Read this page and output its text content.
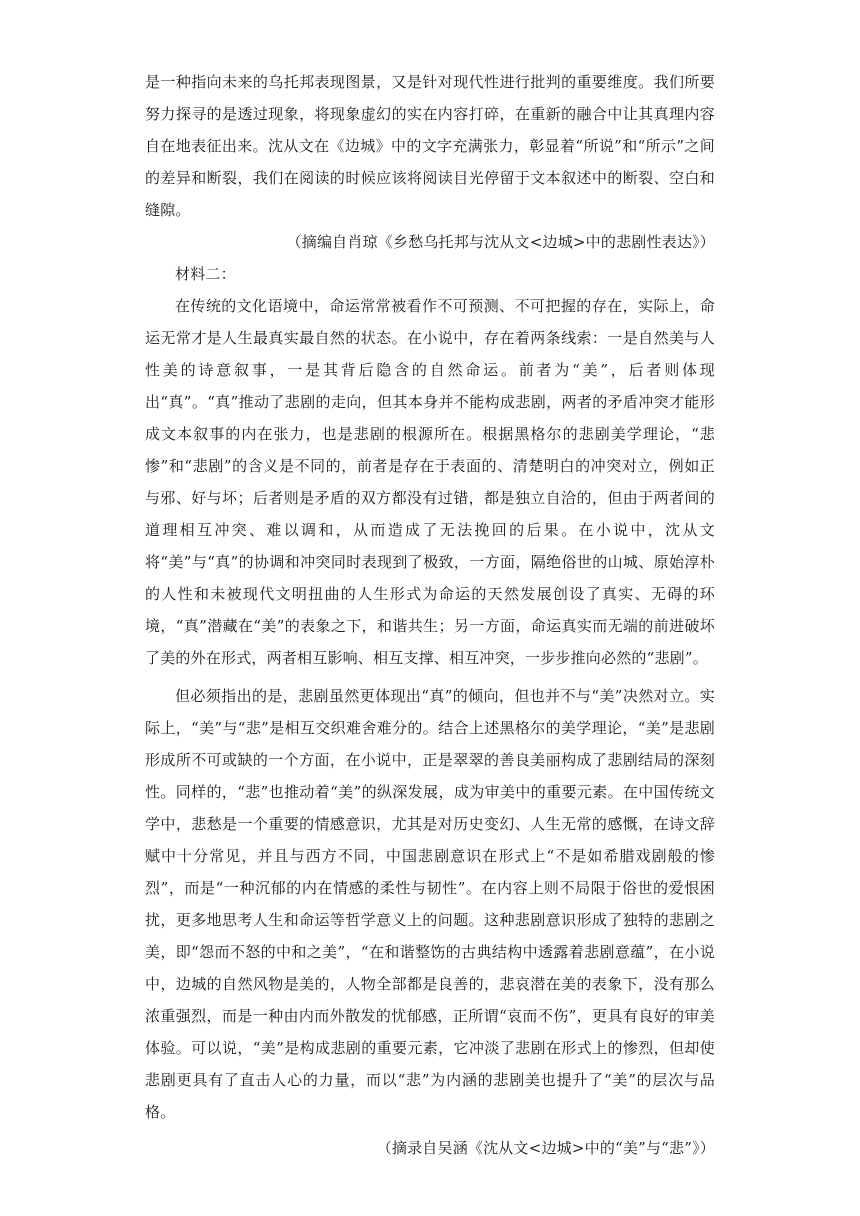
是一种指向未来的乌托邦表现图景，又是针对现代性进行批判的重要维度。我们所要努力探寻的是透过现象，将现象虚幻的实在内容打碎，在重新的融合中让其真理内容自在地表征出来。沈从文在《边城》中的文字充满张力，彰显着“所说”和“所示”之间的差异和断裂，我们在阅读的时候应该将阅读目光停留于文本叙述中的断裂、空白和缝隙。

（摘编自肖琼《乡愁乌托邦与沈从文<边城>中的悲剧性表达》）

材料二：

在传统的文化语境中，命运常常被看作不可预测、不可把握的存在，实际上，命运无常才是人生最真实最自然的状态。在小说中，存在着两条线索：一是自然美与人性美的诗意叙事，一是其背后隐含的自然命运。前者为“美”，后者则体现出“真”。“真”推动了悲剧的走向，但其本身并不能构成悲剧，两者的矛盾冲突才能形成文本叙事的内在张力，也是悲剧的根源所在。根据黑格尔的悲剧美学理论，“悲惨”和“悲剧”的含义是不同的，前者是存在于表面的、清楚明白的冲突对立，例如正与邪、好与坏；后者则是矛盾的双方都没有过错，都是独立自洽的，但由于两者间的道理相互冲突、难以调和，从而造成了无法挽回的后果。在小说中，沈从文将“美”与“真”的协调和冲突同时表现到了极致，一方面，隔绝俗世的山城、原始淳朴的人性和未被现代文明扭曲的人生形式为命运的天然发展创设了真实、无碍的环境，“真”潜藏在“美”的表象之下，和谐共生；另一方面，命运真实而无端的前进破坏了美的外在形式，两者相互影响、相互支撑、相互冲突，一步步推向必然的“悲剧”。

但必须指出的是，悲剧虽然更体现出“真”的倾向，但也并不与“美”决然对立。实际上，“美”与“悲”是相互交织难舍难分的。结合上述黑格尔的美学理论，“美”是悲剧形成所不可或缺的一个方面，在小说中，正是翠翠的善良美丽构成了悲剧结局的深刻性。同样的，“悲”也推动着“美”的纵深发展，成为审美中的重要元素。在中国传统文学中，悲愁是一个重要的情感意识，尤其是对历史变幻、人生无常的感慨，在诗文辞赋中十分常见，并且与西方不同，中国悲剧意识在形式上“不是如希腊戏剧般的惨烈”，而是“一种沉郁的内在情感的柔性与韧性”。在内容上则不局限于俗世的爱恨困扰，更多地思考人生和命运等哲学意义上的问题。这种悲剧意识形成了独特的悲剧之美，即“怨而不怒的中和之美”，“在和谐整饬的古典结构中透露着悲剧意蕴”，在小说中，边城的自然风物是美的，人物全部都是良善的，悲哀潜在美的表象下，没有那么浓重强烈，而是一种由内而外散发的忧郁感，正所谓“哀而不伤”，更具有良好的审美体验。可以说，“美”是构成悲剧的重要元素，它冲淡了悲剧在形式上的惨烈，但却使悲剧更具有了直击人心的力量，而以“悲”为内涵的悲剧美也提升了“美”的层次与品格。

（摘录自吴涵《沈从文<边城>中的“美”与“悲”》）
